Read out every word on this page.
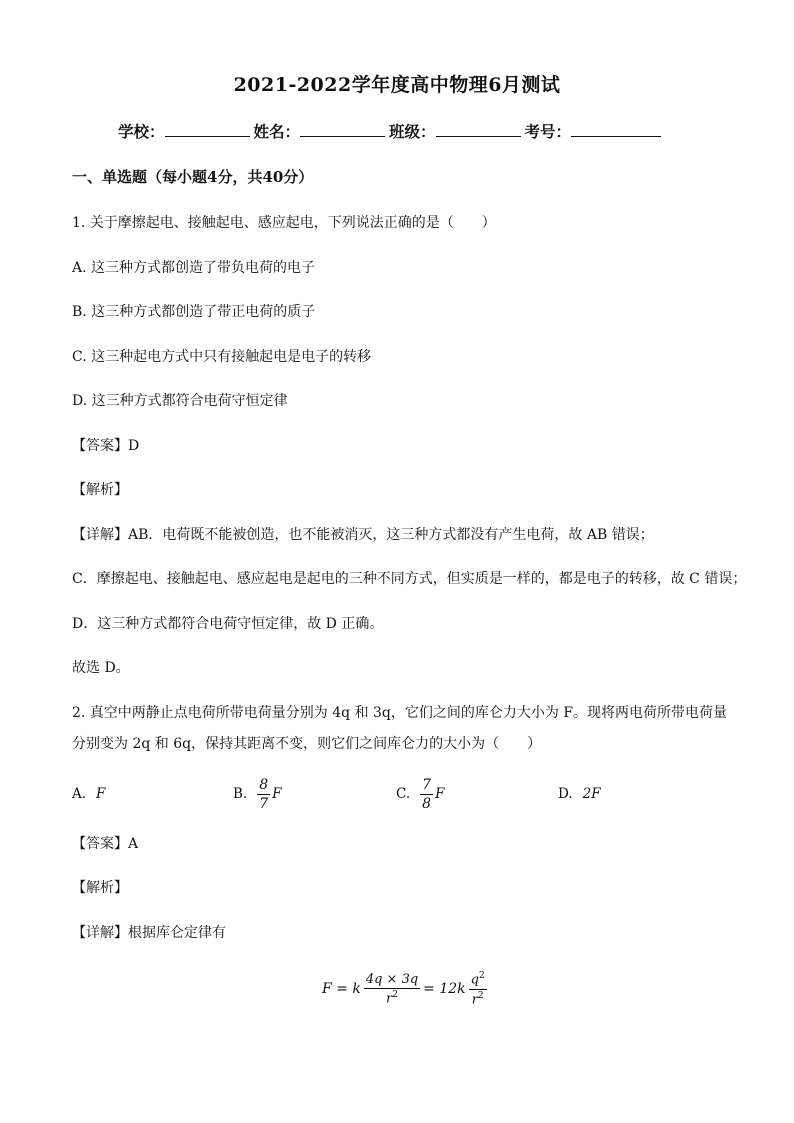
2021-2022学年度高中物理6月测试
学校：	姓名：	班级：	考号：
一、单选题（每小题4分，共40分）
1. 关于摩擦起电、接触起电、感应起电，下列说法正确的是（　　）
A. 这三种方式都创造了带负电荷的电子
B. 这三种方式都创造了带正电荷的质子
C. 这三种起电方式中只有接触起电是电子的转移
D. 这三种方式都符合电荷守恒定律
【答案】D
【解析】
【详解】AB．电荷既不能被创造，也不能被消灭，这三种方式都没有产生电荷，故 AB 错误；
C．摩擦起电、接触起电、感应起电是起电的三种不同方式，但实质是一样的，都是电子的转移，故 C 错误；
D．这三种方式都符合电荷守恒定律，故 D 正确。
故选 D。
2. 真空中两静止点电荷所带电荷量分别为 4q 和 3q，它们之间的库仑力大小为 F。现将两电荷所带电荷量
分别变为 2q 和 6q，保持其距离不变，则它们之间库仑力的大小为（　　）
A. F	B. $\frac{8}{7}$ F	C. $\frac{7}{8}$ F	D. 2F
【答案】A
【解析】
【详解】根据库仑定律有
F = k $\frac{4q \times 3q}{r^2} = 12k \frac{q^2}{r^2}$
